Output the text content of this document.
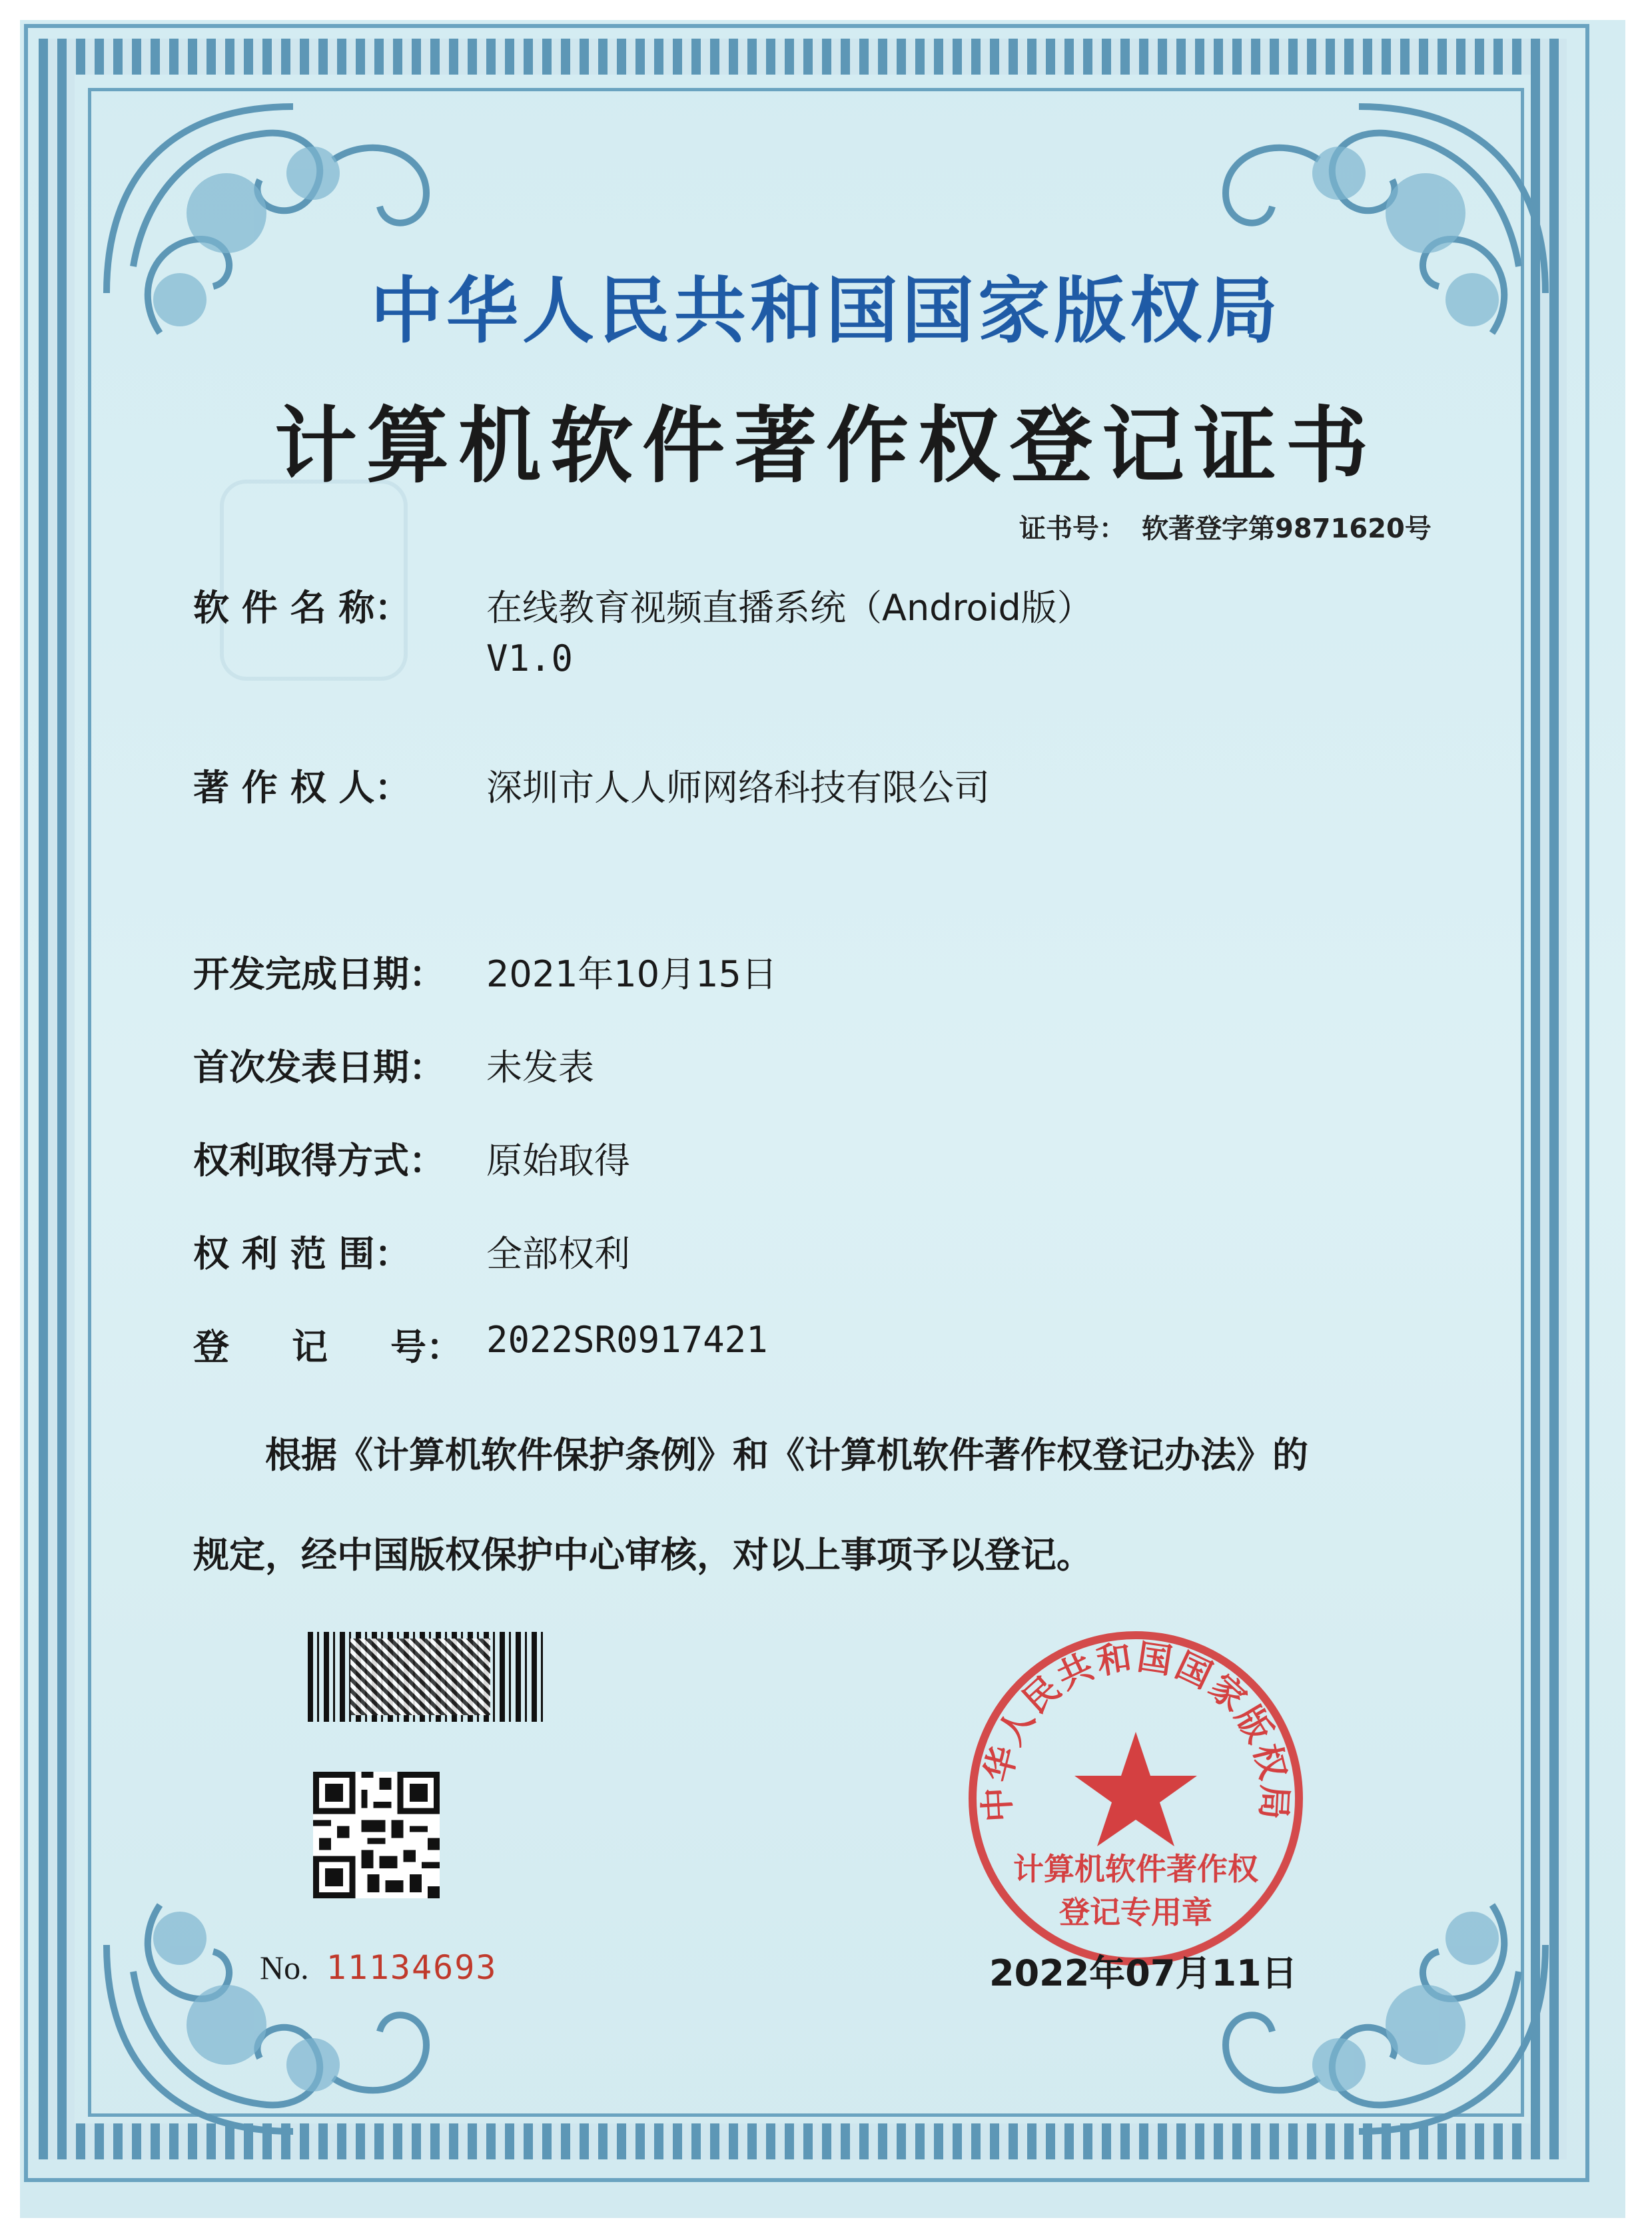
中华人民共和国国家版权局
计算机软件著作权登记证书
证书号： 软著登字第9871620号
软 件 名 称： 在线教育视频直播系统（Android版）
V1.0
著 作 权 人： 深圳市人人师网络科技有限公司
开发完成日期： 2021年10月15日
首次发表日期： 未发表
权利取得方式： 原始取得
权 利 范 围： 全部权利
登     记     号： 2022SR0917421
根据《计算机软件保护条例》和《计算机软件著作权登记办法》的
规定，经中国版权保护中心审核，对以上事项予以登记。
No. 11134693
中华人民共和国国家版权局
计算机软件著作权
登记专用章
2022年07月11日
